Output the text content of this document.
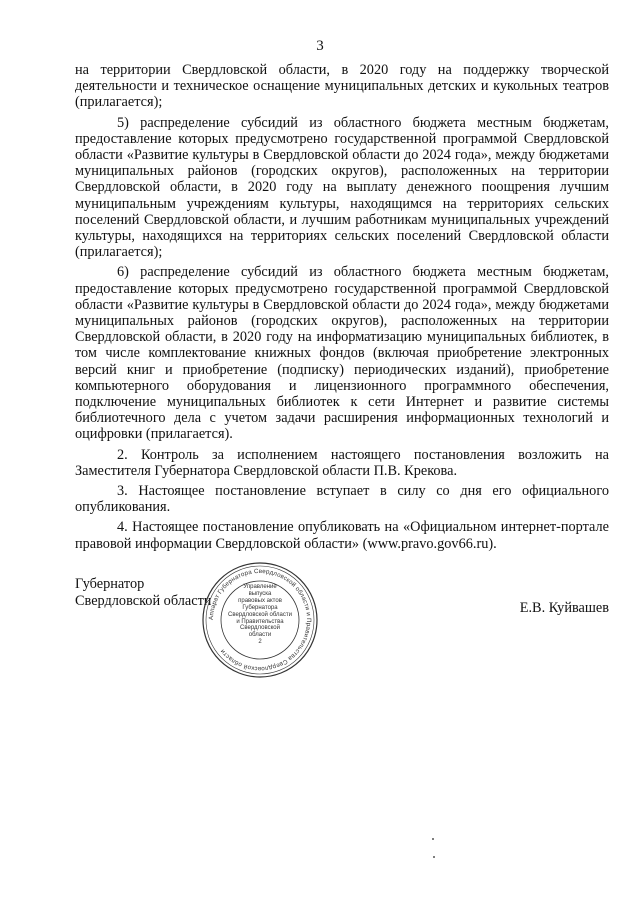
3

на территории Свердловской области, в 2020 году на поддержку творческой деятельности и техническое оснащение муниципальных детских и кукольных театров (прилагается);

5) распределение субсидий из областного бюджета местным бюджетам, предоставление которых предусмотрено государственной программой Свердловской области «Развитие культуры в Свердловской области до 2024 года», между бюджетами муниципальных районов (городских округов), расположенных на территории Свердловской области, в 2020 году на выплату денежного поощрения лучшим муниципальным учреждениям культуры, находящимся на территориях сельских поселений Свердловской области, и лучшим работникам муниципальных учреждений культуры, находящихся на территориях сельских поселений Свердловской области (прилагается);

6) распределение субсидий из областного бюджета местным бюджетам, предоставление которых предусмотрено государственной программой Свердловской области «Развитие культуры в Свердловской области до 2024 года», между бюджетами муниципальных районов (городских округов), расположенных на территории Свердловской области, в 2020 году на информатизацию муниципальных библиотек, в том числе комплектование книжных фондов (включая приобретение электронных версий книг и приобретение (подписку) периодических изданий), приобретение компьютерного оборудования и лицензионного программного обеспечения, подключение муниципальных библиотек к сети Интернет и развитие системы библиотечного дела с учетом задачи расширения информационных технологий и оцифровки (прилагается).

2. Контроль за исполнением настоящего постановления возложить на Заместителя Губернатора Свердловской области П.В. Крекова.

3. Настоящее постановление вступает в силу со дня его официального опубликования.

4. Настоящее постановление опубликовать на «Официальном интернет-портале правовой информации Свердловской области» (www.pravo.gov66.ru).

Губернатор
Свердловской области	Е.В. Куйвашев
Аппарат Губернатора Свердловской области и Правительства Свердловской области
Управление
выпуска
правовых актов
Губернатора
Свердловской области
и Правительства
Свердловской
области
2
